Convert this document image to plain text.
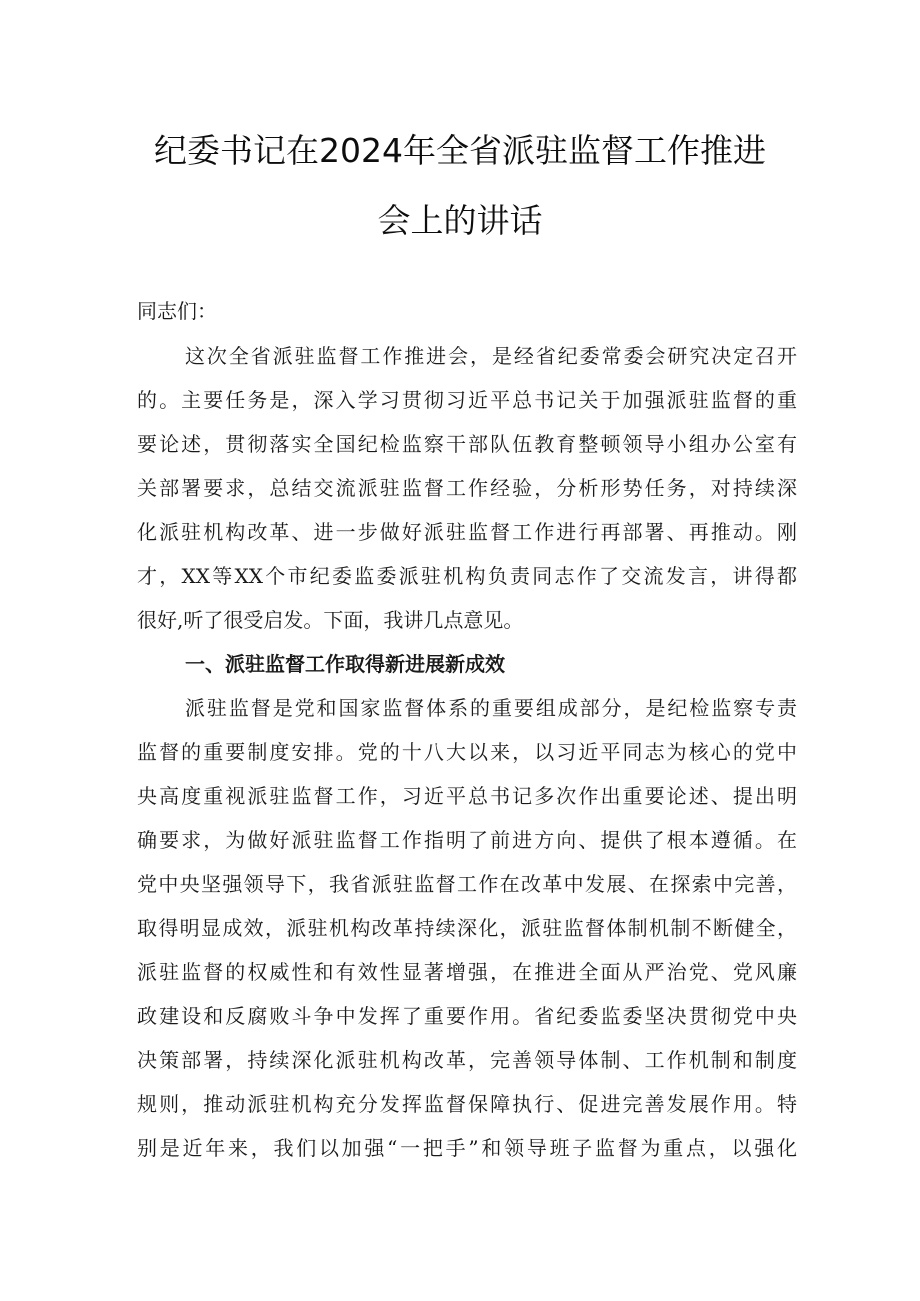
纪委书记在2024年全省派驻监督工作推进
会上的讲话
同志们：
这次全省派驻监督工作推进会，是经省纪委常委会研究决定召开
的。主要任务是，深入学习贯彻习近平总书记关于加强派驻监督的重
要论述，贯彻落实全国纪检监察干部队伍教育整顿领导小组办公室有
关部署要求，总结交流派驻监督工作经验，分析形势任务，对持续深
化派驻机构改革、进一步做好派驻监督工作进行再部署、再推动。刚
才，XX等XX个市纪委监委派驻机构负责同志作了交流发言，讲得都
很好,听了很受启发。下面，我讲几点意见。
一、派驻监督工作取得新进展新成效
派驻监督是党和国家监督体系的重要组成部分，是纪检监察专责
监督的重要制度安排。党的十八大以来，以习近平同志为核心的党中
央高度重视派驻监督工作，习近平总书记多次作出重要论述、提出明
确要求，为做好派驻监督工作指明了前进方向、提供了根本遵循。在
党中央坚强领导下，我省派驻监督工作在改革中发展、在探索中完善，
取得明显成效，派驻机构改革持续深化，派驻监督体制机制不断健全，
派驻监督的权威性和有效性显著增强，在推进全面从严治党、党风廉
政建设和反腐败斗争中发挥了重要作用。省纪委监委坚决贯彻党中央
决策部署，持续深化派驻机构改革，完善领导体制、工作机制和制度
规则，推动派驻机构充分发挥监督保障执行、促进完善发展作用。特
别是近年来，我们以加强“一把手”和领导班子监督为重点，以强化
